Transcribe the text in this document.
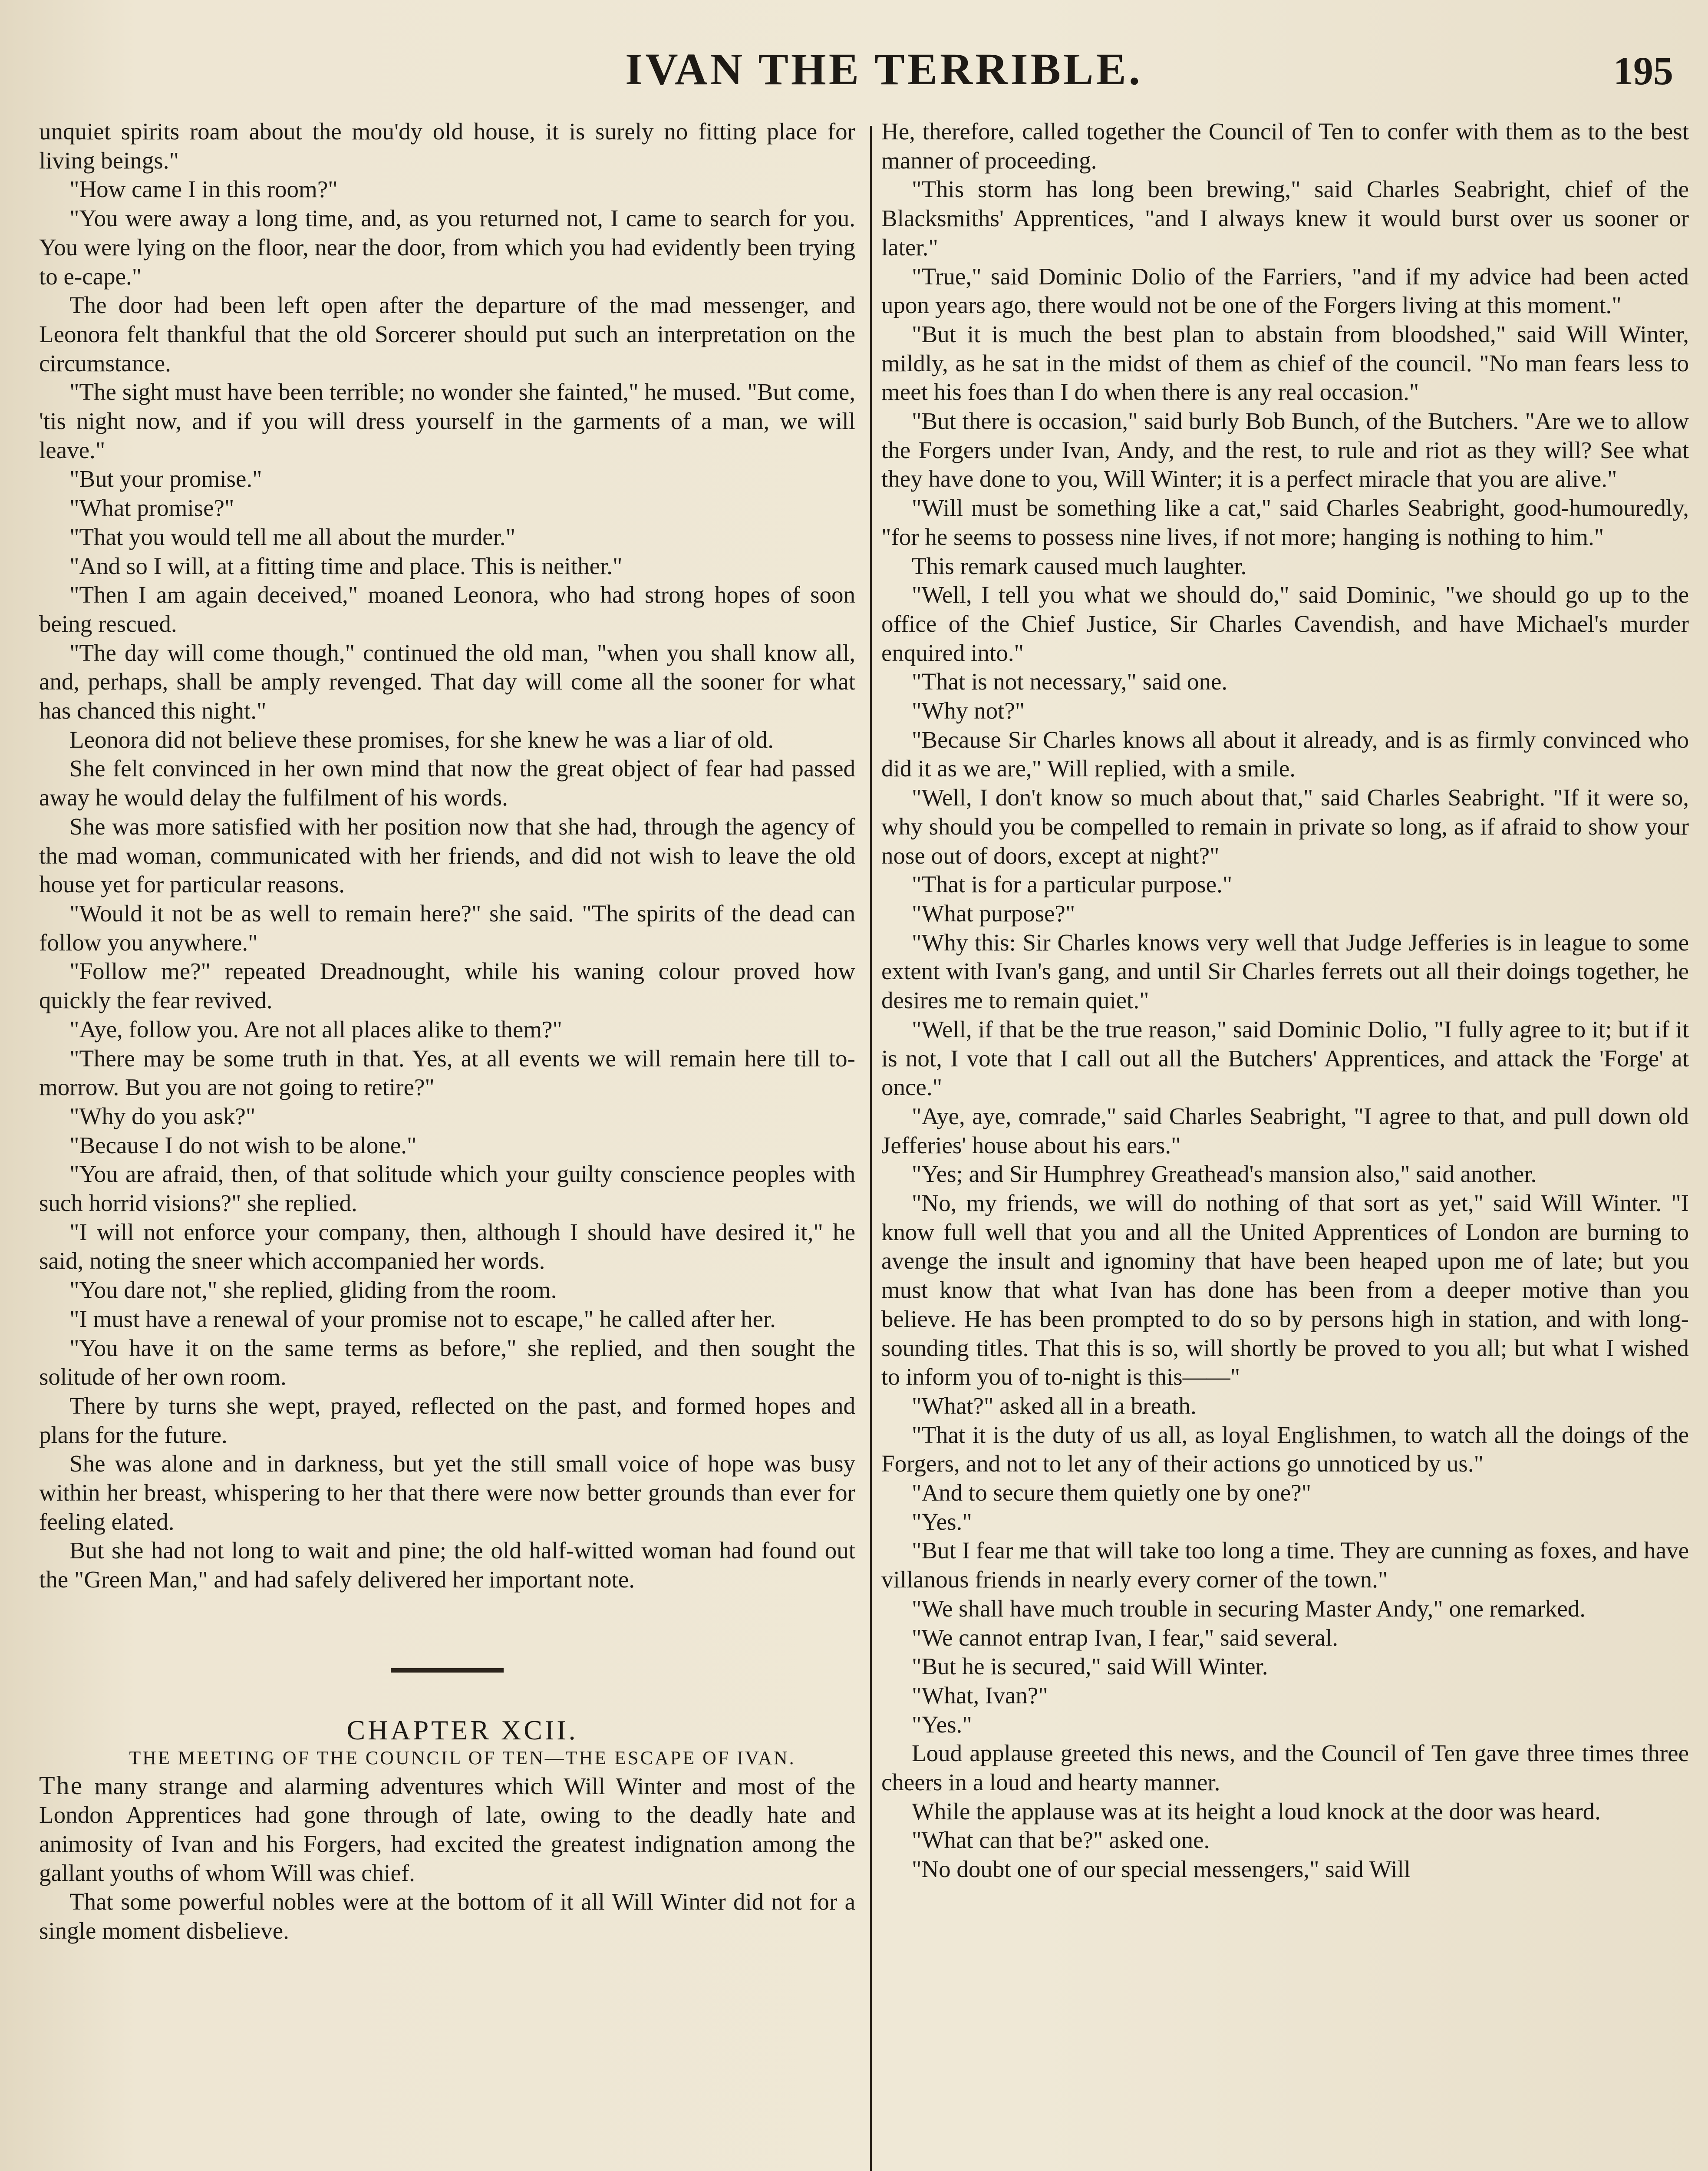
IVAN THE TERRIBLE.	195

unquiet spirits roam about the mou'dy old house, it is surely no fitting place for living beings."

"How came I in this room?"

"You were away a long time, and, as you returned not, I came to search for you. You were lying on the floor, near the door, from which you had evidently been trying to e-cape."

The door had been left open after the departure of the mad messenger, and Leonora felt thankful that the old Sorcerer should put such an interpretation on the circumstance.

"The sight must have been terrible; no wonder she fainted," he mused. "But come, 'tis night now, and if you will dress yourself in the garments of a man, we will leave."

"But your promise."

"What promise?"

"That you would tell me all about the murder."

"And so I will, at a fitting time and place. This is neither."

"Then I am again deceived," moaned Leonora, who had strong hopes of soon being rescued.

"The day will come though," continued the old man, "when you shall know all, and, perhaps, shall be amply revenged. That day will come all the sooner for what has chanced this night."

Leonora did not believe these promises, for she knew he was a liar of old.

She felt convinced in her own mind that now the great object of fear had passed away he would delay the fulfilment of his words.

She was more satisfied with her position now that she had, through the agency of the mad woman, communicated with her friends, and did not wish to leave the old house yet for particular reasons.

"Would it not be as well to remain here?" she said. "The spirits of the dead can follow you anywhere."

"Follow me?" repeated Dreadnought, while his waning colour proved how quickly the fear revived.

"Aye, follow you. Are not all places alike to them?"

"There may be some truth in that. Yes, at all events we will remain here till to-morrow. But you are not going to retire?"

"Why do you ask?"

"Because I do not wish to be alone."

"You are afraid, then, of that solitude which your guilty conscience peoples with such horrid visions?" she replied.

"I will not enforce your company, then, although I should have desired it," he said, noting the sneer which accompanied her words.

"You dare not," she replied, gliding from the room.

"I must have a renewal of your promise not to escape," he called after her.

"You have it on the same terms as before," she replied, and then sought the solitude of her own room.

There by turns she wept, prayed, reflected on the past, and formed hopes and plans for the future.

She was alone and in darkness, but yet the still small voice of hope was busy within her breast, whispering to her that there were now better grounds than ever for feeling elated.

But she had not long to wait and pine; the old half-witted woman had found out the "Green Man," and had safely delivered her important note.

CHAPTER XCII.

THE MEETING OF THE COUNCIL OF TEN—THE ESCAPE OF IVAN.

The many strange and alarming adventures which Will Winter and most of the London Apprentices had gone through of late, owing to the deadly hate and animosity of Ivan and his Forgers, had excited the greatest indignation among the gallant youths of whom Will was chief.

That some powerful nobles were at the bottom of it all Will Winter did not for a single moment disbelieve.

He, therefore, called together the Council of Ten to confer with them as to the best manner of proceeding.

"This storm has long been brewing," said Charles Seabright, chief of the Blacksmiths' Apprentices, "and I always knew it would burst over us sooner or later."

"True," said Dominic Dolio of the Farriers, "and if my advice had been acted upon years ago, there would not be one of the Forgers living at this moment."

"But it is much the best plan to abstain from bloodshed," said Will Winter, mildly, as he sat in the midst of them as chief of the council. "No man fears less to meet his foes than I do when there is any real occasion."

"But there is occasion," said burly Bob Bunch, of the Butchers. "Are we to allow the Forgers under Ivan, Andy, and the rest, to rule and riot as they will? See what they have done to you, Will Winter; it is a perfect miracle that you are alive."

"Will must be something like a cat," said Charles Seabright, good-humouredly, "for he seems to possess nine lives, if not more; hanging is nothing to him."

This remark caused much laughter.

"Well, I tell you what we should do," said Dominic, "we should go up to the office of the Chief Justice, Sir Charles Cavendish, and have Michael's murder enquired into."

"That is not necessary," said one.

"Why not?"

"Because Sir Charles knows all about it already, and is as firmly convinced who did it as we are," Will replied, with a smile.

"Well, I don't know so much about that," said Charles Seabright. "If it were so, why should you be compelled to remain in private so long, as if afraid to show your nose out of doors, except at night?"

"That is for a particular purpose."

"What purpose?"

"Why this: Sir Charles knows very well that Judge Jefferies is in league to some extent with Ivan's gang, and until Sir Charles ferrets out all their doings together, he desires me to remain quiet."

"Well, if that be the true reason," said Dominic Dolio, "I fully agree to it; but if it is not, I vote that I call out all the Butchers' Apprentices, and attack the 'Forge' at once."

"Aye, aye, comrade," said Charles Seabright, "I agree to that, and pull down old Jefferies' house about his ears."

"Yes; and Sir Humphrey Greathead's mansion also," said another.

"No, my friends, we will do nothing of that sort as yet," said Will Winter. "I know full well that you and all the United Apprentices of London are burning to avenge the insult and ignominy that have been heaped upon me of late; but you must know that what Ivan has done has been from a deeper motive than you believe. He has been prompted to do so by persons high in station, and with long-sounding titles. That this is so, will shortly be proved to you all; but what I wished to inform you of to-night is this——"

"What?" asked all in a breath.

"That it is the duty of us all, as loyal Englishmen, to watch all the doings of the Forgers, and not to let any of their actions go unnoticed by us."

"And to secure them quietly one by one?"

"Yes."

"But I fear me that will take too long a time. They are cunning as foxes, and have villanous friends in nearly every corner of the town."

"We shall have much trouble in securing Master Andy," one remarked.

"We cannot entrap Ivan, I fear," said several.

"But he is secured," said Will Winter.

"What, Ivan?"

"Yes."

Loud applause greeted this news, and the Council of Ten gave three times three cheers in a loud and hearty manner.

While the applause was at its height a loud knock at the door was heard.

"What can that be?" asked one.

"No doubt one of our special messengers," said Will
